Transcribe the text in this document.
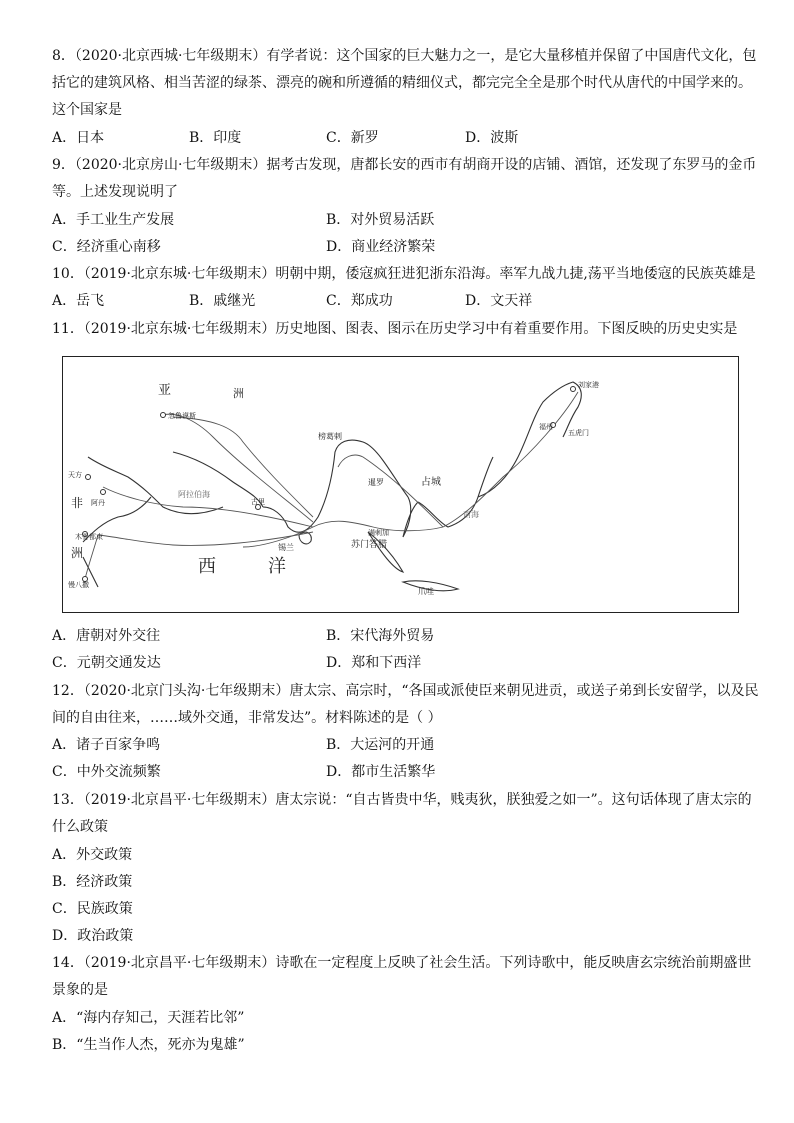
8．（2020·北京西城·七年级期末）有学者说：这个国家的巨大魅力之一，是它大量移植并保留了中国唐代文化，包
括它的建筑风格、相当苦涩的绿茶、漂亮的碗和所遵循的精细仪式，都完完全全是那个时代从唐代的中国学来的。
这个国家是
A．日本	B．印度	C．新罗	D．波斯
9．（2020·北京房山·七年级期末）据考古发现，唐都长安的西市有胡商开设的店铺、酒馆，还发现了东罗马的金币
等。上述发现说明了
A．手工业生产发展	B．对外贸易活跃
C．经济重心南移	D．商业经济繁荣
10．（2019·北京东城·七年级期末）明朝中期，倭寇疯狂进犯浙东沿海。率军九战九捷,荡平当地倭寇的民族英雄是
A．岳飞	B．戚继光	C．郑成功	D．文天祥
11．（2019·北京东城·七年级期末）历史地图、图表、图示在历史学习中有着重要作用。下图反映的历史史实是
A．唐朝对外交往	B．宋代海外贸易
C．元朝交通发达	D．郑和下西洋
12．（2020·北京门头沟·七年级期末）唐太宗、高宗时，“各国或派使臣来朝见进贡，或送子弟到长安留学，以及民
间的自由往来，……域外交通，非常发达”。材料陈述的是（ ）
A．诸子百家争鸣	B．大运河的开通
C．中外交流频繁	D．都市生活繁华
13．（2019·北京昌平·七年级期末）唐太宗说：“自古皆贵中华，贱夷狄，朕独爱之如一”。这句话体现了唐太宗的
什么政策
A．外交政策
B．经济政策
C．民族政策
D．政治政策
14．（2019·北京昌平·七年级期末）诗歌在一定程度上反映了社会生活。下列诗歌中，能反映唐玄宗统治前期盛世
景象的是
A．“海内存知己，天涯若比邻”
B．“生当作人杰，死亦为鬼雄”
亚	洲
忽鲁谟斯
天方
阿丹
阿拉伯海
古里
锡兰
榜葛剌
暹罗	占城
满剌加
苏门答腊
爪哇
非
洲
木骨都束
慢八撒
西	洋
刘家港
福州
五虎门
南海
